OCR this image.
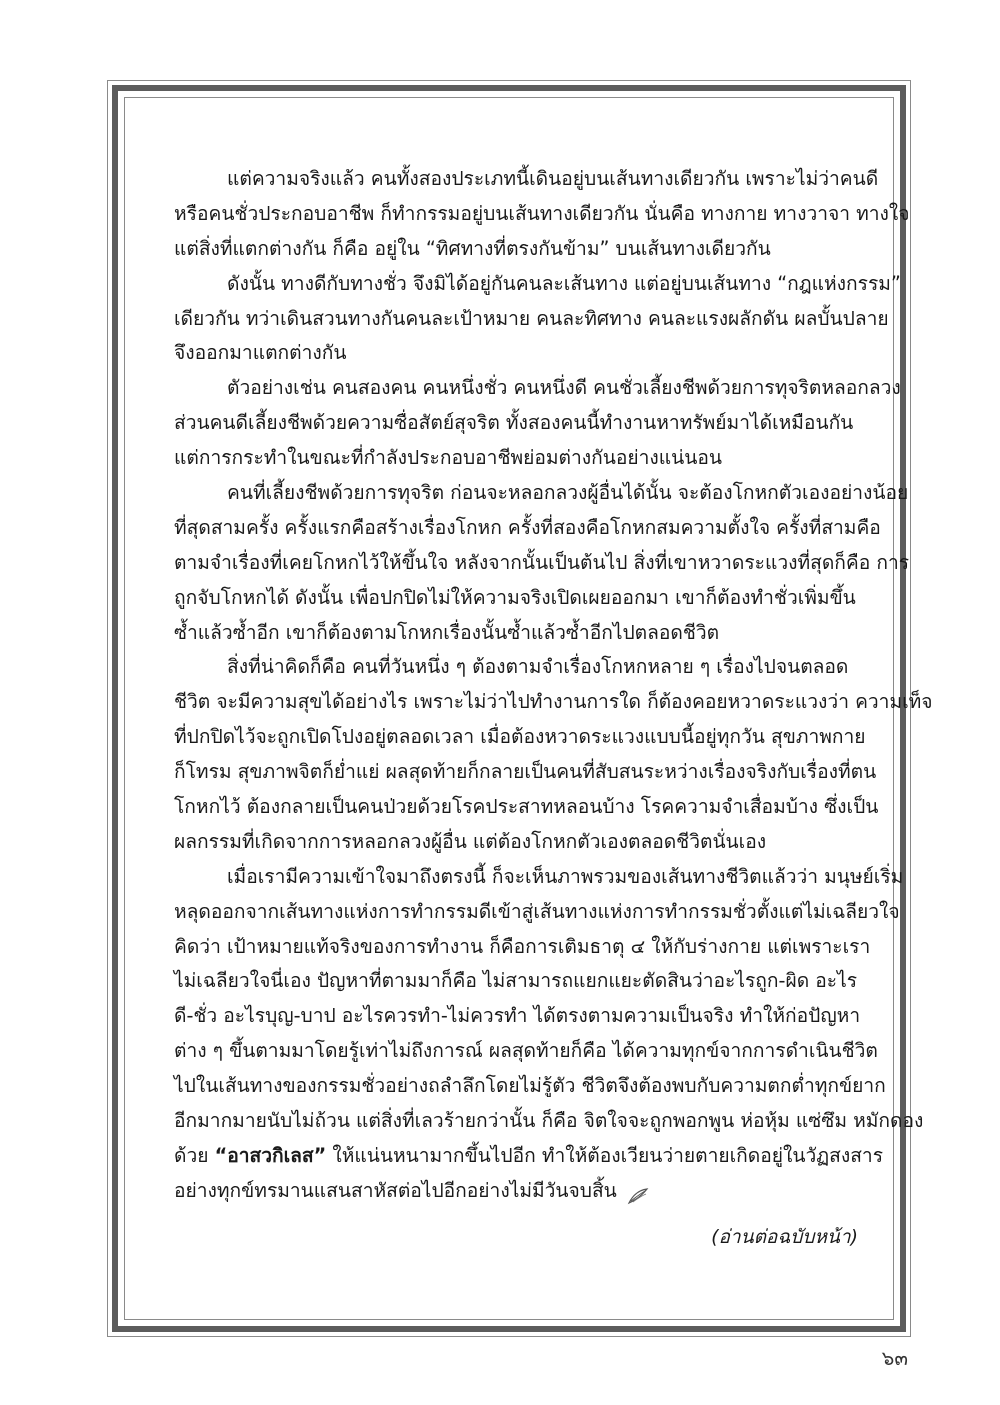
แต่ความจริงแล้ว คนทั้งสองประเภทนี้เดินอยู่บนเส้นทางเดียวกัน เพราะไม่ว่าคนดี
หรือคนชั่วประกอบอาชีพ ก็ทำกรรมอยู่บนเส้นทางเดียวกัน นั่นคือ ทางกาย ทางวาจา ทางใจ
แต่สิ่งที่แตกต่างกัน ก็คือ อยู่ใน “ทิศทางที่ตรงกันข้าม” บนเส้นทางเดียวกัน
ดังนั้น ทางดีกับทางชั่ว จึงมิได้อยู่กันคนละเส้นทาง แต่อยู่บนเส้นทาง “กฎแห่งกรรม”
เดียวกัน ทว่าเดินสวนทางกันคนละเป้าหมาย คนละทิศทาง คนละแรงผลักดัน ผลบั้นปลาย
จึงออกมาแตกต่างกัน
ตัวอย่างเช่น คนสองคน คนหนึ่งชั่ว คนหนึ่งดี คนชั่วเลี้ยงชีพด้วยการทุจริตหลอกลวง
ส่วนคนดีเลี้ยงชีพด้วยความซื่อสัตย์สุจริต ทั้งสองคนนี้ทำงานหาทรัพย์มาได้เหมือนกัน
แต่การกระทำในขณะที่กำลังประกอบอาชีพย่อมต่างกันอย่างแน่นอน
คนที่เลี้ยงชีพด้วยการทุจริต ก่อนจะหลอกลวงผู้อื่นได้นั้น จะต้องโกหกตัวเองอย่างน้อย
ที่สุดสามครั้ง ครั้งแรกคือสร้างเรื่องโกหก ครั้งที่สองคือโกหกสมความตั้งใจ ครั้งที่สามคือ
ตามจำเรื่องที่เคยโกหกไว้ให้ขึ้นใจ หลังจากนั้นเป็นต้นไป สิ่งที่เขาหวาดระแวงที่สุดก็คือ การ
ถูกจับโกหกได้ ดังนั้น เพื่อปกปิดไม่ให้ความจริงเปิดเผยออกมา เขาก็ต้องทำชั่วเพิ่มขึ้น
ซ้ำแล้วซ้ำอีก เขาก็ต้องตามโกหกเรื่องนั้นซ้ำแล้วซ้ำอีกไปตลอดชีวิต
สิ่งที่น่าคิดก็คือ คนที่วันหนึ่ง ๆ ต้องตามจำเรื่องโกหกหลาย ๆ เรื่องไปจนตลอด
ชีวิต จะมีความสุขได้อย่างไร เพราะไม่ว่าไปทำงานการใด ก็ต้องคอยหวาดระแวงว่า ความเท็จ
ที่ปกปิดไว้จะถูกเปิดโปงอยู่ตลอดเวลา เมื่อต้องหวาดระแวงแบบนี้อยู่ทุกวัน สุขภาพกาย
ก็โทรม สุขภาพจิตก็ย่ำแย่ ผลสุดท้ายก็กลายเป็นคนที่สับสนระหว่างเรื่องจริงกับเรื่องที่ตน
โกหกไว้ ต้องกลายเป็นคนป่วยด้วยโรคประสาทหลอนบ้าง โรคความจำเสื่อมบ้าง ซึ่งเป็น
ผลกรรมที่เกิดจากการหลอกลวงผู้อื่น แต่ต้องโกหกตัวเองตลอดชีวิตนั่นเอง
เมื่อเรามีความเข้าใจมาถึงตรงนี้ ก็จะเห็นภาพรวมของเส้นทางชีวิตแล้วว่า มนุษย์เริ่ม
หลุดออกจากเส้นทางแห่งการทำกรรมดีเข้าสู่เส้นทางแห่งการทำกรรมชั่วตั้งแต่ไม่เฉลียวใจ
คิดว่า เป้าหมายแท้จริงของการทำงาน ก็คือการเติมธาตุ ๔ ให้กับร่างกาย แต่เพราะเรา
ไม่เฉลียวใจนี่เอง ปัญหาที่ตามมาก็คือ ไม่สามารถแยกแยะตัดสินว่าอะไรถูก-ผิด อะไร
ดี-ชั่ว อะไรบุญ-บาป อะไรควรทำ-ไม่ควรทำ ได้ตรงตามความเป็นจริง ทำให้ก่อปัญหา
ต่าง ๆ ขึ้นตามมาโดยรู้เท่าไม่ถึงการณ์ ผลสุดท้ายก็คือ ได้ความทุกข์จากการดำเนินชีวิต
ไปในเส้นทางของกรรมชั่วอย่างถลำลึกโดยไม่รู้ตัว ชีวิตจึงต้องพบกับความตกต่ำทุกข์ยาก
อีกมากมายนับไม่ถ้วน แต่สิ่งที่เลวร้ายกว่านั้น ก็คือ จิตใจจะถูกพอกพูน ห่อหุ้ม แซ่ซึม หมักดอง
ด้วย “อาสวกิเลส” ให้แน่นหนามากขึ้นไปอีก ทำให้ต้องเวียนว่ายตายเกิดอยู่ในวัฏสงสาร
อย่างทุกข์ทรมานแสนสาหัสต่อไปอีกอย่างไม่มีวันจบสิ้น
(อ่านต่อฉบับหน้า)
๖๓
